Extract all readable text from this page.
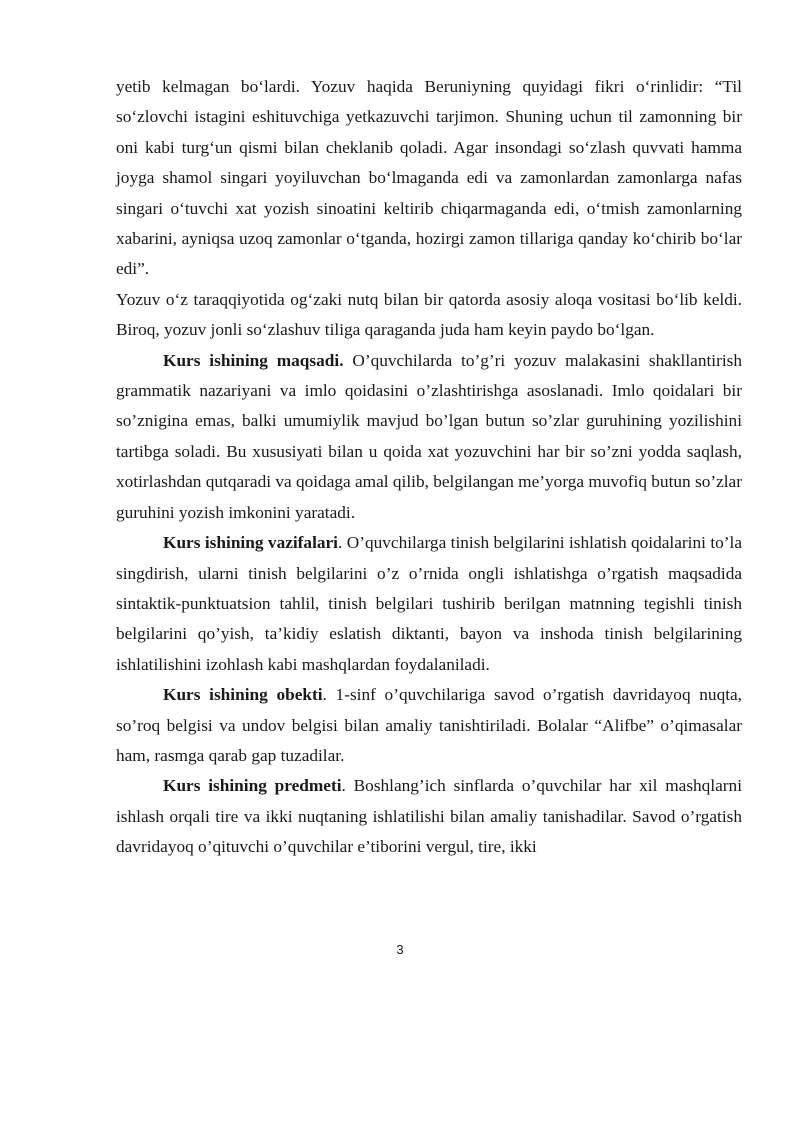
yetib kelmagan bo‘lardi. Yozuv haqida Beruniyning quyidagi fikri o‘rinlidir: “Til so‘zlovchi istagini eshituvchiga yetkazuvchi tarjimon. Shuning uchun til zamonning bir oni kabi turg‘un qismi bilan cheklanib qoladi. Agar insondagi so‘zlash quvvati hamma joyga shamol singari yoyiluvchan bo‘lmaganda edi va zamonlardan zamonlarga nafas singari o‘tuvchi xat yozish sinoatini keltirib chiqarmaganda edi, o‘tmish zamonlarning xabarini, ayniqsa uzoq zamonlar o‘tganda, hozirgi zamon tillariga qanday ko‘chirib bo‘lar edi”.

Yozuv o‘z taraqqiyotida og‘zaki nutq bilan bir qatorda asosiy aloqa vositasi bo‘lib keldi. Biroq, yozuv jonli so‘zlashuv tiliga qaraganda juda ham keyin paydo bo‘lgan.

Kurs ishining maqsadi. O’quvchilarda to’g’ri yozuv malakasini shakllantirish grammatik nazariyani va imlo qoidasini o’zlashtirishga asoslanadi. Imlo qoidalari bir so’znigina emas, balki umumiylik mavjud bo’lgan butun so’zlar guruhining yozilishini tartibga soladi. Bu xususiyati bilan u qoida xat yozuvchini har bir so’zni yodda saqlash, xotirlashdan qutqaradi va qoidaga amal qilib, belgilangan me’yorga muvofiq butun so’zlar guruhini yozish imkonini yaratadi.

Kurs ishining vazifalari. O’quvchilarga tinish belgilarini ishlatish qoidalarini to’la singdirish, ularni tinish belgilarini o’z o’rnida ongli ishlatishga o’rgatish maqsadida sintaktik-punktuatsion tahlil, tinish belgilari tushirib berilgan matnning tegishli tinish belgilarini qo’yish, ta’kidiy eslatish diktanti, bayon va inshoda tinish belgilarining ishlatilishini izohlash kabi mashqlardan foydalaniladi.

Kurs ishining obekti. 1-sinf o’quvchilariga savod o’rgatish davridayoq nuqta, so’roq belgisi va undov belgisi bilan amaliy tanishtiriladi. Bolalar “Alifbe” o’qimasalar ham, rasmga qarab gap tuzadilar.

Kurs ishining predmeti. Boshlang’ich sinflarda o’quvchilar har xil mashqlarni ishlash orqali tire va ikki nuqtaning ishlatilishi bilan amaliy tanishadilar. Savod o’rgatish davridayoq o’qituvchi o’quvchilar e’tiborini vergul, tire, ikki

3
